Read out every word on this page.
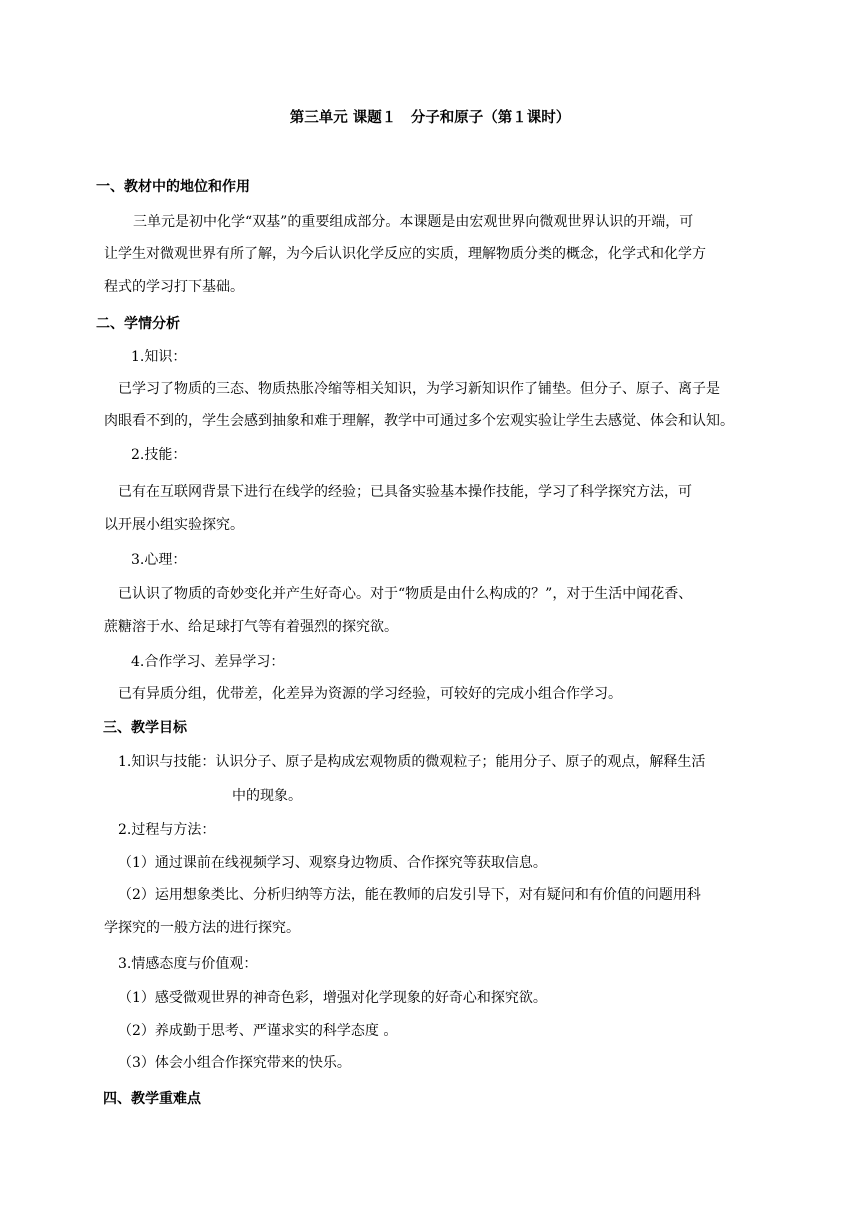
第三单元 课题１　分子和原子（第１课时）
一、教材中的地位和作用
三单元是初中化学“双基”的重要组成部分。本课题是由宏观世界向微观世界认识的开端，可
让学生对微观世界有所了解，为今后认识化学反应的实质，理解物质分类的概念，化学式和化学方
程式的学习打下基础。
二、学情分析
1.知识：
已学习了物质的三态、物质热胀冷缩等相关知识，为学习新知识作了铺垫。但分子、原子、离子是
肉眼看不到的，学生会感到抽象和难于理解，教学中可通过多个宏观实验让学生去感觉、体会和认知。
2.技能：
已有在互联网背景下进行在线学的经验；已具备实验基本操作技能，学习了科学探究方法，可
以开展小组实验探究。
3.心理：
已认识了物质的奇妙变化并产生好奇心。对于“物质是由什么构成的？”，对于生活中闻花香、
蔗糖溶于水、给足球打气等有着强烈的探究欲。
4.合作学习、差异学习：
已有异质分组，优带差，化差异为资源的学习经验，可较好的完成小组合作学习。
三、教学目标
1.知识与技能：认识分子、原子是构成宏观物质的微观粒子；能用分子、原子的观点，解释生活
中的现象。
2.过程与方法：
（1）通过课前在线视频学习、观察身边物质、合作探究等获取信息。
（2）运用想象类比、分析归纳等方法，能在教师的启发引导下，对有疑问和有价值的问题用科
学探究的一般方法的进行探究。
3.情感态度与价值观：
（1）感受微观世界的神奇色彩，增强对化学现象的好奇心和探究欲。
（2）养成勤于思考、严谨求实的科学态度 。
（3）体会小组合作探究带来的快乐。
四、教学重难点
